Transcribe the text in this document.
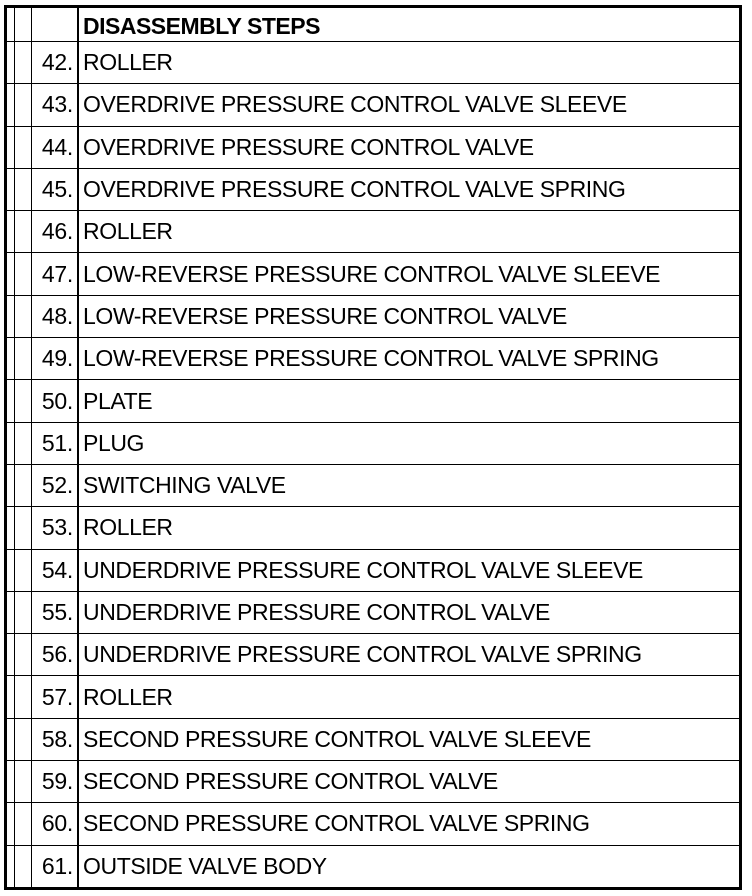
DISASSEMBLY STEPS
42. ROLLER
43. OVERDRIVE PRESSURE CONTROL VALVE SLEEVE
44. OVERDRIVE PRESSURE CONTROL VALVE
45. OVERDRIVE PRESSURE CONTROL VALVE SPRING
46. ROLLER
47. LOW-REVERSE PRESSURE CONTROL VALVE SLEEVE
48. LOW-REVERSE PRESSURE CONTROL VALVE
49. LOW-REVERSE PRESSURE CONTROL VALVE SPRING
50. PLATE
51. PLUG
52. SWITCHING VALVE
53. ROLLER
54. UNDERDRIVE PRESSURE CONTROL VALVE SLEEVE
55. UNDERDRIVE PRESSURE CONTROL VALVE
56. UNDERDRIVE PRESSURE CONTROL VALVE SPRING
57. ROLLER
58. SECOND PRESSURE CONTROL VALVE SLEEVE
59. SECOND PRESSURE CONTROL VALVE
60. SECOND PRESSURE CONTROL VALVE SPRING
61. OUTSIDE VALVE BODY
